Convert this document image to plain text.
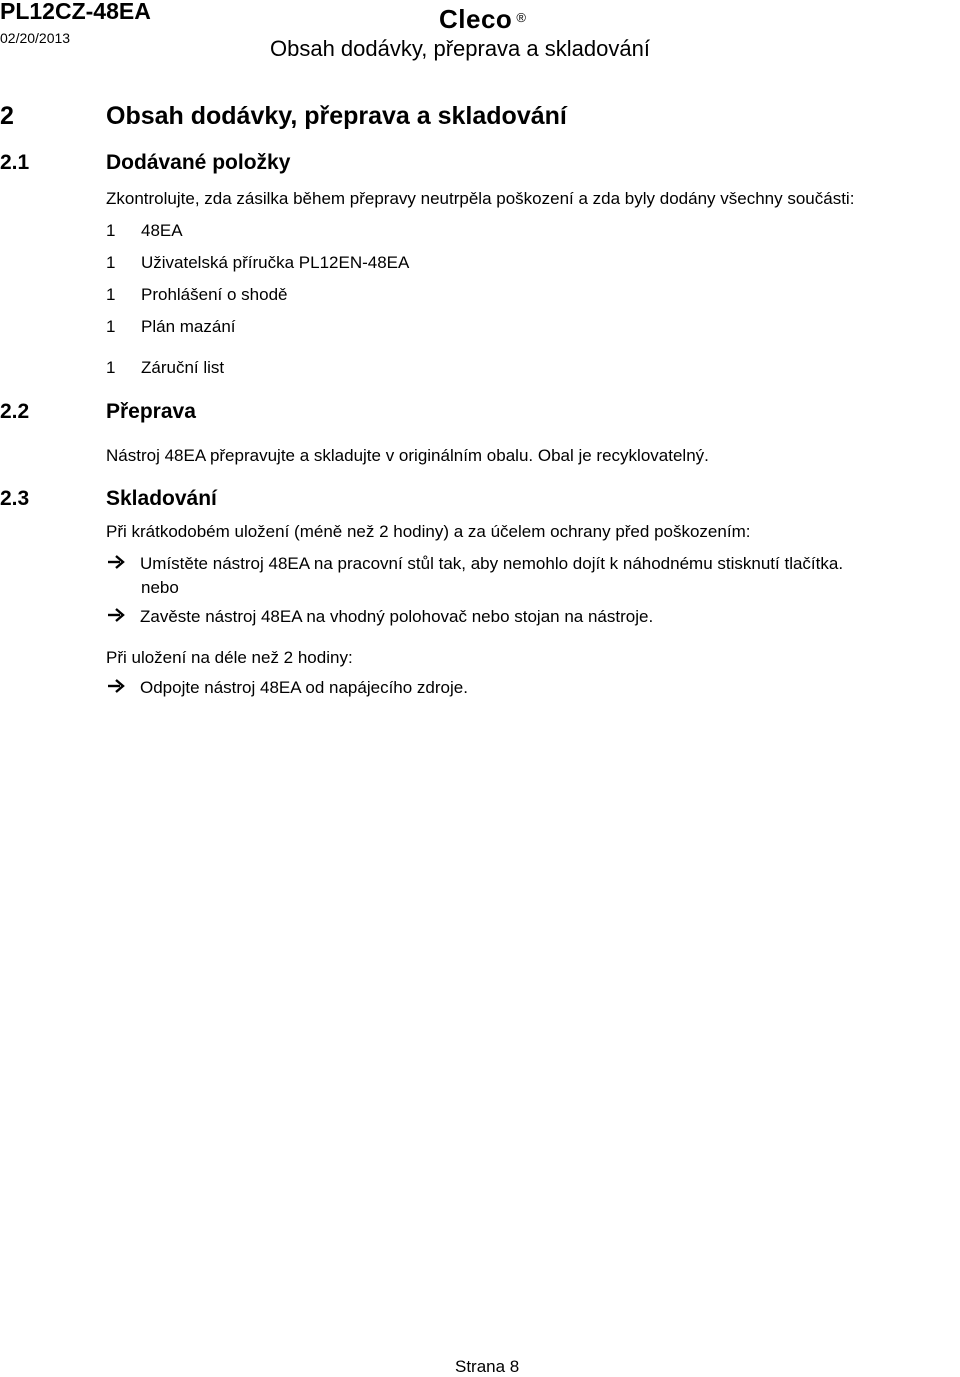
PL12CZ-48EA
02/20/2013
Cleco ®
Obsah dodávky, přeprava a skladování
2	Obsah dodávky, přeprava a skladování
2.1	Dodávané položky
Zkontrolujte, zda zásilka během přepravy neutrpěla poškození a zda byly dodány všechny součásti:
1 48EA
1 Uživatelská příručka PL12EN-48EA
1 Prohlášení o shodě
1 Plán mazání
1 Záruční list
2.2	Přeprava
Nástroj 48EA přepravujte a skladujte v originálním obalu. Obal je recyklovatelný.
2.3	Skladování
Při krátkodobém uložení (méně než 2 hodiny) a za účelem ochrany před poškozením:
Umístěte nástroj 48EA na pracovní stůl tak, aby nemohlo dojít k náhodnému stisknutí tlačítka.
nebo
Zavěste nástroj 48EA na vhodný polohovač nebo stojan na nástroje.
Při uložení na déle než 2 hodiny:
Odpojte nástroj 48EA od napájecího zdroje.
Strana 8
